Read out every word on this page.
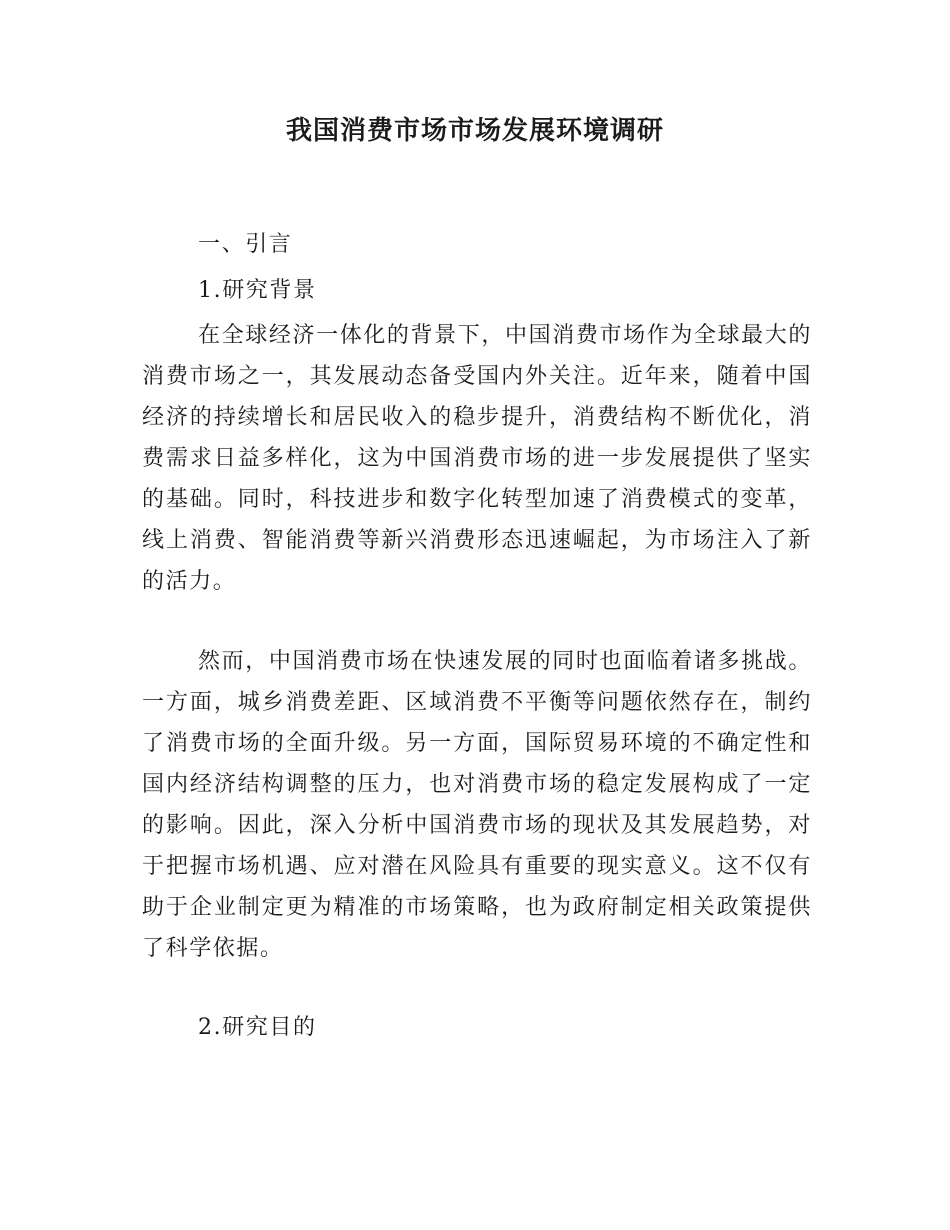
我国消费市场市场发展环境调研

一、引言

1.研究背景

在全球经济一体化的背景下，中国消费市场作为全球最大的消费市场之一，其发展动态备受国内外关注。近年来，随着中国经济的持续增长和居民收入的稳步提升，消费结构不断优化，消费需求日益多样化，这为中国消费市场的进一步发展提供了坚实的基础。同时，科技进步和数字化转型加速了消费模式的变革，线上消费、智能消费等新兴消费形态迅速崛起，为市场注入了新的活力。

然而，中国消费市场在快速发展的同时也面临着诸多挑战。一方面，城乡消费差距、区域消费不平衡等问题依然存在，制约了消费市场的全面升级。另一方面，国际贸易环境的不确定性和国内经济结构调整的压力，也对消费市场的稳定发展构成了一定的影响。因此，深入分析中国消费市场的现状及其发展趋势，对于把握市场机遇、应对潜在风险具有重要的现实意义。这不仅有助于企业制定更为精准的市场策略，也为政府制定相关政策提供了科学依据。

2.研究目的
